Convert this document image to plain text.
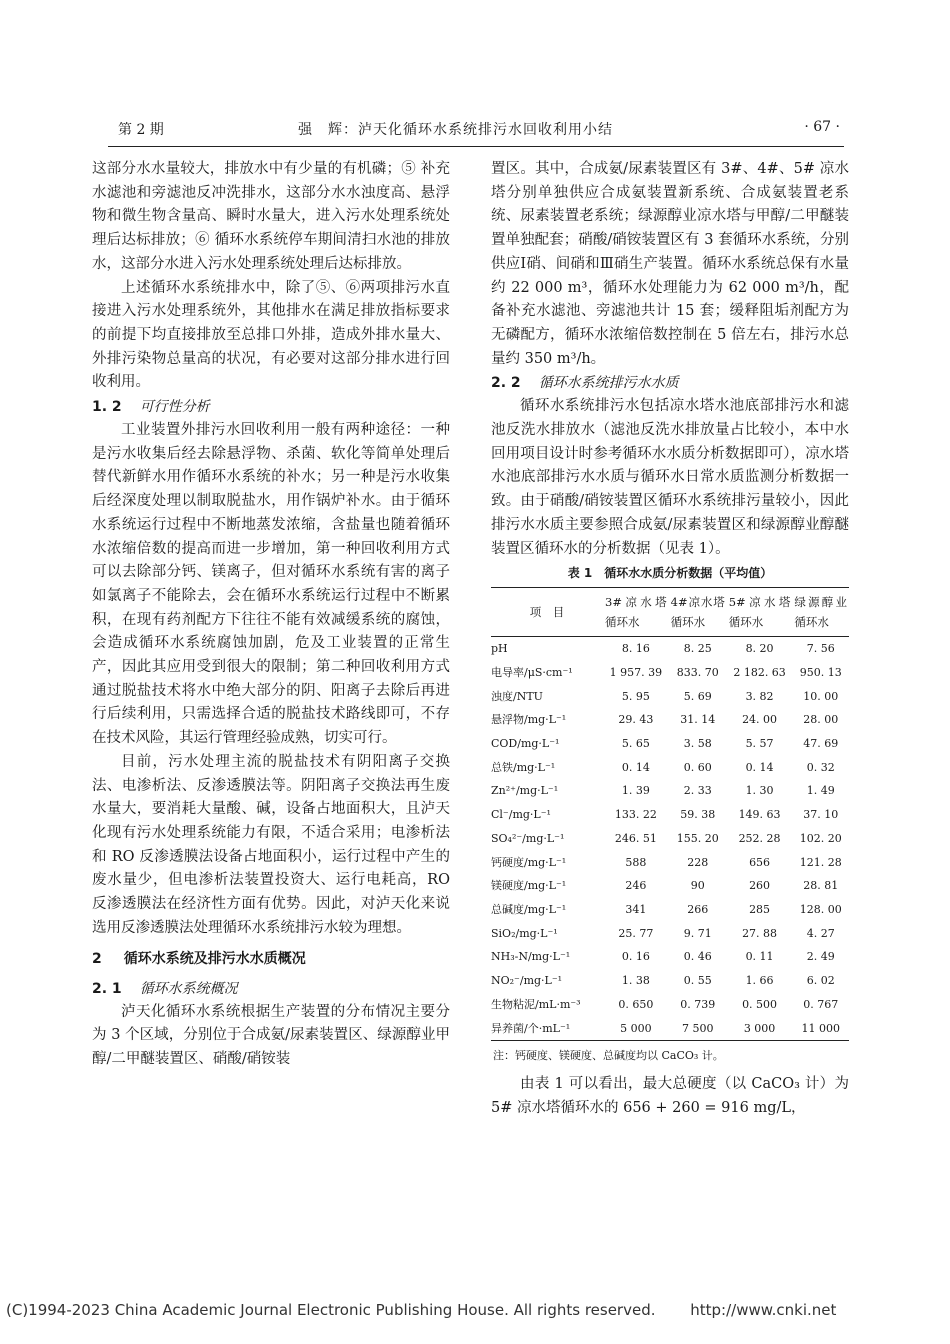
第 2 期	强　辉：泸天化循环水系统排污水回收利用小结	· 67 ·

这部分水水量较大，排放水中有少量的有机磷；⑤ 补充水滤池和旁滤池反冲洗排水，这部分水水浊度高、悬浮物和微生物含量高、瞬时水量大，进入污水处理系统处理后达标排放；⑥ 循环水系统停车期间清扫水池的排放水，这部分水进入污水处理系统处理后达标排放。

上述循环水系统排水中，除了⑤、⑥两项排污水直接进入污水处理系统外，其他排水在满足排放指标要求的前提下均直接排放至总排口外排，造成外排水量大、外排污染物总量高的状况，有必要对这部分排水进行回收利用。

1. 2 可行性分析

工业装置外排污水回收利用一般有两种途径：一种是污水收集后经去除悬浮物、杀菌、软化等简单处理后替代新鲜水用作循环水系统的补水；另一种是污水收集后经深度处理以制取脱盐水，用作锅炉补水。由于循环水系统运行过程中不断地蒸发浓缩，含盐量也随着循环水浓缩倍数的提高而进一步增加，第一种回收利用方式可以去除部分钙、镁离子，但对循环水系统有害的离子如氯离子不能除去，会在循环水系统运行过程中不断累积，在现有药剂配方下往往不能有效减缓系统的腐蚀，会造成循环水系统腐蚀加剧，危及工业装置的正常生产，因此其应用受到很大的限制；第二种回收利用方式通过脱盐技术将水中绝大部分的阴、阳离子去除后再进行后续利用，只需选择合适的脱盐技术路线即可，不存在技术风险，其运行管理经验成熟，切实可行。

目前，污水处理主流的脱盐技术有阴阳离子交换法、电渗析法、反渗透膜法等。阴阳离子交换法再生废水量大，要消耗大量酸、碱，设备占地面积大，且泸天化现有污水处理系统能力有限，不适合采用；电渗析法和 RO 反渗透膜法设备占地面积小，运行过程中产生的废水量少，但电渗析法装置投资大、运行电耗高，RO 反渗透膜法在经济性方面有优势。因此，对泸天化来说选用反渗透膜法处理循环水系统排污水较为理想。

2 循环水系统及排污水水质概况
2. 1 循环水系统概况

泸天化循环水系统根据生产装置的分布情况主要分为 3 个区域，分别位于合成氨/尿素装置区、绿源醇业甲醇/二甲醚装置区、硝酸/硝铵装

置区。其中，合成氨/尿素装置区有 3#、4#、5# 凉水塔分别单独供应合成氨装置新系统、合成氨装置老系统、尿素装置老系统；绿源醇业凉水塔与甲醇/二甲醚装置单独配套；硝酸/硝铵装置区有 3 套循环水系统，分别供应Ⅰ硝、间硝和Ⅲ硝生产装置。循环水系统总保有水量约 22 000 m³，循环水处理能力为 62 000 m³/h，配备补充水滤池、旁滤池共计 15 套；缓释阻垢剂配方为无磷配方，循环水浓缩倍数控制在 5 倍左右，排污水总量约 350 m³/h。

2. 2 循环水系统排污水水质

循环水系统排污水包括凉水塔水池底部排污水和滤池反洗水排放水（滤池反洗水排放量占比较小，本中水回用项目设计时参考循环水水质分析数据即可），凉水塔水池底部排污水水质与循环水日常水质监测分析数据一致。由于硝酸/硝铵装置区循环水系统排污量较小，因此排污水水质主要参照合成氨/尿素装置区和绿源醇业醇醚装置区循环水的分析数据（见表 1）。

表 1　循环水水质分析数据（平均值）
项　目	3#凉水塔循环水	4#凉水塔循环水	5#凉水塔循环水	绿源醇业循环水
pH	8. 16	8. 25	8. 20	7. 56
电导率/μS·cm⁻¹	1 957. 39	833. 70	2 182. 63	950. 13
浊度/NTU	5. 95	5. 69	3. 82	10. 00
悬浮物/mg·L⁻¹	29. 43	31. 14	24. 00	28. 00
COD/mg·L⁻¹	5. 65	3. 58	5. 57	47. 69
总铁/mg·L⁻¹	0. 14	0. 60	0. 14	0. 32
Zn²⁺/mg·L⁻¹	1. 39	2. 33	1. 30	1. 49
Cl⁻/mg·L⁻¹	133. 22	59. 38	149. 63	37. 10
SO₄²⁻/mg·L⁻¹	246. 51	155. 20	252. 28	102. 20
钙硬度/mg·L⁻¹	588	228	656	121. 28
镁硬度/mg·L⁻¹	246	90	260	28. 81
总碱度/mg·L⁻¹	341	266	285	128. 00
SiO₂/mg·L⁻¹	25. 77	9. 71	27. 88	4. 27
NH₃-N/mg·L⁻¹	0. 16	0. 46	0. 11	2. 49
NO₂⁻/mg·L⁻¹	1. 38	0. 55	1. 66	6. 02
生物粘泥/mL·m⁻³	0. 650	0. 739	0. 500	0. 767
异养菌/个·mL⁻¹	5 000	7 500	3 000	11 000
注：钙硬度、镁硬度、总碱度均以 CaCO₃ 计。

由表 1 可以看出，最大总硬度（以 CaCO₃ 计）为 5# 凉水塔循环水的 656 + 260 = 916 mg/L，

(C)1994-2023 China Academic Journal Electronic Publishing House. All rights reserved.　　 http://www.cnki.net
